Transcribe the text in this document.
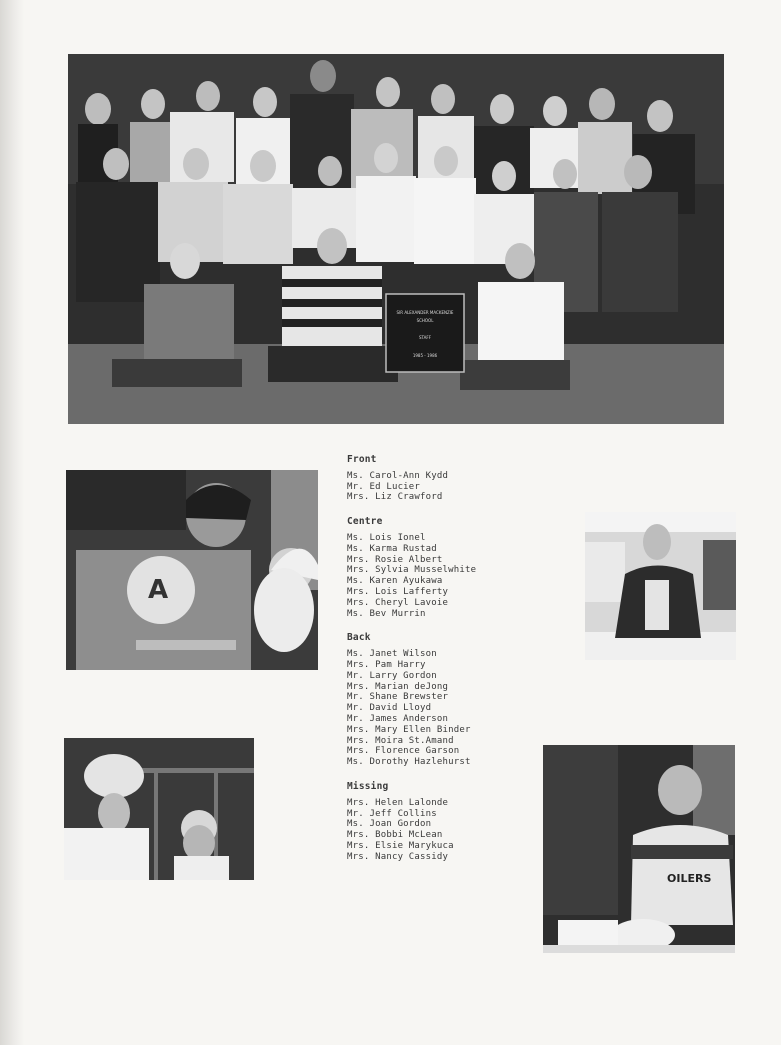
SIR ALEXANDER MACKENZIE
SCHOOL
STAFF
1985 - 1986
A
OILERS
Front
Ms. Carol-Ann Kydd
Mr. Ed Lucier
Mrs. Liz Crawford
Centre
Ms. Lois Ionel
Ms. Karma Rustad
Mrs. Rosie Albert
Mrs. Sylvia Musselwhite
Ms. Karen Ayukawa
Mrs. Lois Lafferty
Mrs. Cheryl Lavoie
Ms. Bev Murrin
Back
Ms. Janet Wilson
Mrs. Pam Harry
Mr. Larry Gordon
Mrs. Marian deJong
Mr. Shane Brewster
Mr. David Lloyd
Mr. James Anderson
Mrs. Mary Ellen Binder
Mrs. Moira St.Amand
Mrs. Florence Garson
Ms. Dorothy Hazlehurst
Missing
Mrs. Helen Lalonde
Mr. Jeff Collins
Ms. Joan Gordon
Mrs. Bobbi McLean
Mrs. Elsie Marykuca
Mrs. Nancy Cassidy
